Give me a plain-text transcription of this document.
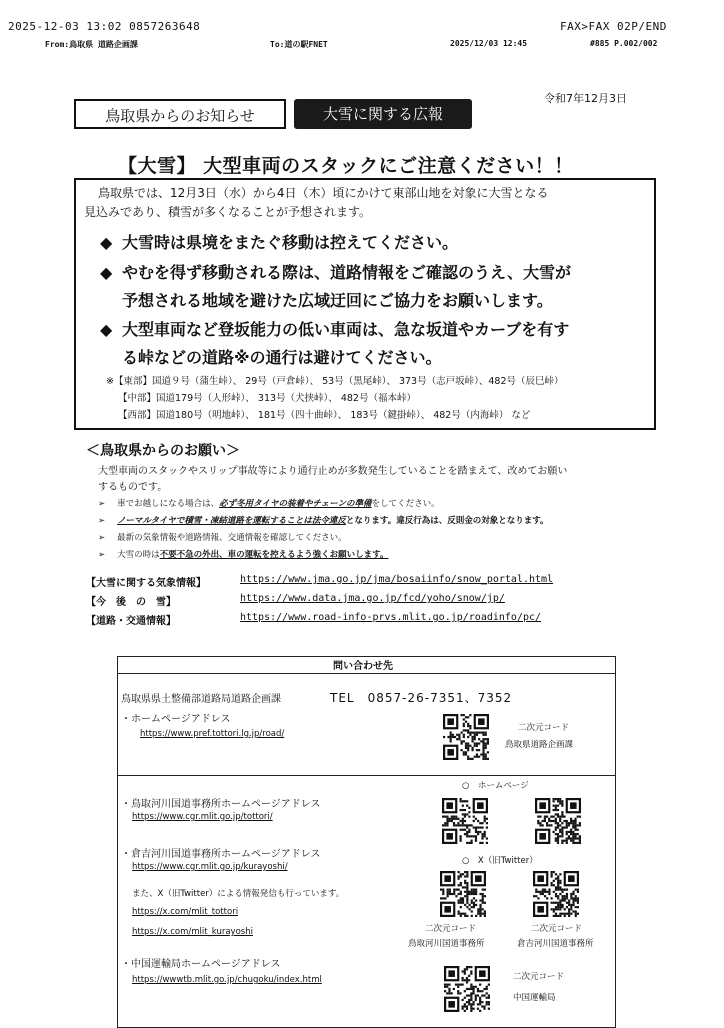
2025-12-03 13:02 0857263648	FAX>FAX 02P/END
From:鳥取県 道路企画課	To:道の駅FNET	2025/12/03 12:45	#885 P.002/002
令和7年12月3日
鳥取県からのお知らせ	大雪に関する広報
【大雪】 大型車両のスタックにご注意ください！！
鳥取県では、12月3日（水）から4日（木）頃にかけて東部山地を対象に大雪となる
見込みであり、積雪が多くなることが予想されます。
◆ 大雪時は県境をまたぐ移動は控えてください。
◆ やむを得ず移動される際は、道路情報をご確認のうえ、大雪が
予想される地域を避けた広域迂回にご協力をお願いします。
◆ 大型車両など登坂能力の低い車両は、急な坂道やカーブを有す
る峠などの道路※の通行は避けてください。
※【東部】国道９号（蒲生峠）、 29号（戸倉峠）、 53号（黒尾峠）、 373号（志戸坂峠）、482号（辰巳峠）
【中部】国道179号（人形峠）、 313号（犬挟峠）、 482号（福本峠）
【西部】国道180号（明地峠）、 181号（四十曲峠）、 183号（鍵掛峠）、 482号（内海峠） など
＜鳥取県からのお願い＞
大型車両のスタックやスリップ事故等により通行止めが多数発生していることを踏まえて、改めてお願い
するものです。
➢ 車でお越しになる場合は、必ず冬用タイヤの装着やチェーンの準備をしてください。
➢ ノーマルタイヤで積雪・凍結道路を運転することは法令違反となります。違反行為は、反則金の対象となります。
➢ 最新の気象情報や道路情報、交通情報を確認してください。
➢ 大雪の時は不要不急の外出、車の運転を控えるよう強くお願いします。
【大雪に関する気象情報】	https://www.jma.go.jp/jma/bosaiinfo/snow_portal.html
【今　後　の　雪】	https://www.data.jma.go.jp/fcd/yoho/snow/jp/
【道路・交通情報】	https://www.road-info-prvs.mlit.go.jp/roadinfo/pc/
問い合わせ先
鳥取県県土整備部道路局道路企画課	TEL　0857-26-7351、7352
・ホームページアドレス
https://www.pref.tottori.lg.jp/road/
二次元コード
鳥取県道路企画課
・鳥取河川国道事務所ホームページアドレス
https://www.cgr.mlit.go.jp/tottori/
・倉吉河川国道事務所ホームページアドレス
https://www.cgr.mlit.go.jp/kurayoshi/
また、X（旧Twitter）による情報発信も行っています。
https://x.com/mlit_tottori
https://x.com/mlit_kurayoshi
○　ホームページ
○　X（旧Twitter）
二次元コード	二次元コード
鳥取河川国道事務所	倉吉河川国道事務所
・中国運輸局ホームページアドレス
https://wwwtb.mlit.go.jp/chugoku/index.html	二次元コード
中国運輸局
